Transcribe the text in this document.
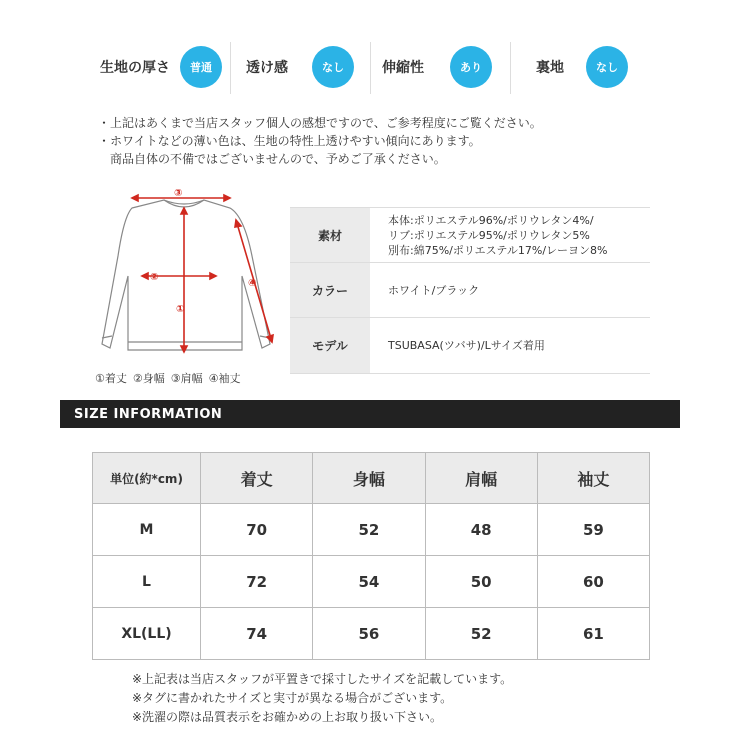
生地の厚さ	普通	透け感	なし	伸縮性	あり	裏地	なし
・上記はあくまで当店スタッフ個人の感想ですので、ご参考程度にご覧ください。
・ホワイトなどの薄い色は、生地の特性上透けやすい傾向にあります。
　商品自体の不備ではございませんので、予めご了承ください。
③
②
①
④
①着丈 ②身幅 ③肩幅 ④袖丈
素材
本体:ポリエステル96%/ポリウレタン4%/
リブ:ポリエステル95%/ポリウレタン5%
別布:綿75%/ポリエステル17%/レーヨン8%
カラー	ホワイト/ブラック
モデル	TSUBASA(ツバサ)/Lサイズ着用
SIZE INFORMATION
単位(約*cm)	着丈	身幅	肩幅	袖丈
M	70	52	48	59
L	72	54	50	60
XL(LL)	74	56	52	61
※上記表は当店スタッフが平置きで採寸したサイズを記載しています。
※タグに書かれたサイズと実寸が異なる場合がございます。
※洗濯の際は品質表示をお確かめの上お取り扱い下さい。
